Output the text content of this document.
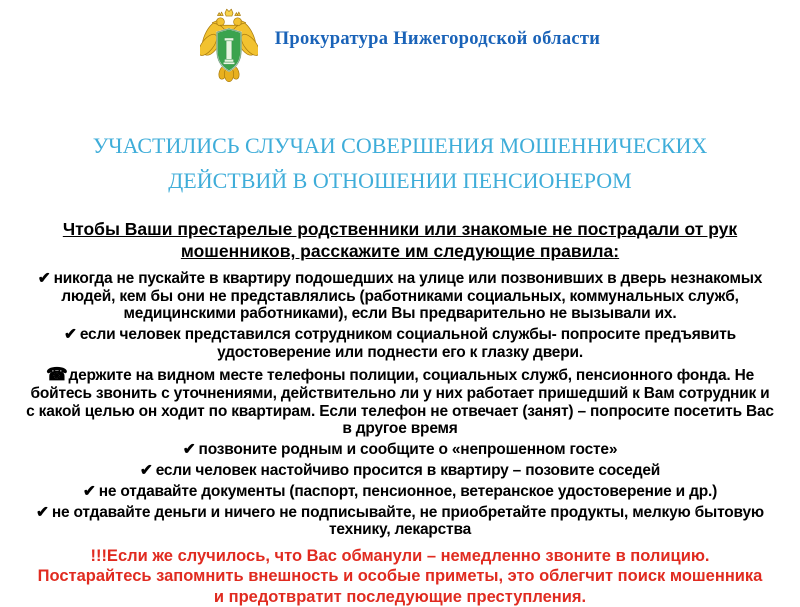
Прокуратура Нижегородской области
УЧАСТИЛИСЬ СЛУЧАИ СОВЕРШЕНИЯ МОШЕННИЧЕСКИХ
ДЕЙСТВИЙ В ОТНОШЕНИИ ПЕНСИОНЕРОМ

Чтобы Ваши престарелые родственники или знакомые не пострадали от рук мошенников, расскажите им следующие правила:

✔ никогда не пускайте в квартиру подошедших на улице или позвонивших в дверь незнакомых людей, кем бы они не представлялись (работниками социальных, коммунальных служб, медицинскими работниками), если Вы предварительно не вызывали их.

✔ если человек представился сотрудником социальной службы- попросите предъявить удостоверение или поднести его к глазку двери.

☎держите на видном месте телефоны полиции, социальных служб, пенсионного фонда. Не бойтесь звонить с уточнениями, действительно ли у них работает пришедший к Вам сотрудник и с какой целью он ходит по квартирам. Если телефон не отвечает (занят) – попросите посетить Вас в другое время

✔ позвоните родным и сообщите о «непрошенном госте»

✔ если человек настойчиво просится в квартиру – позовите соседей

✔ не отдавайте документы (паспорт, пенсионное, ветеранское удостоверение и др.)

✔ не отдавайте деньги и ничего не подписывайте, не приобретайте продукты, мелкую бытовую технику, лекарства

!!!Если же случилось, что Вас обманули – немедленно звоните в полицию. Постарайтесь запомнить внешность и особые приметы, это облегчит поиск мошенника и предотвратит последующие преступления.
